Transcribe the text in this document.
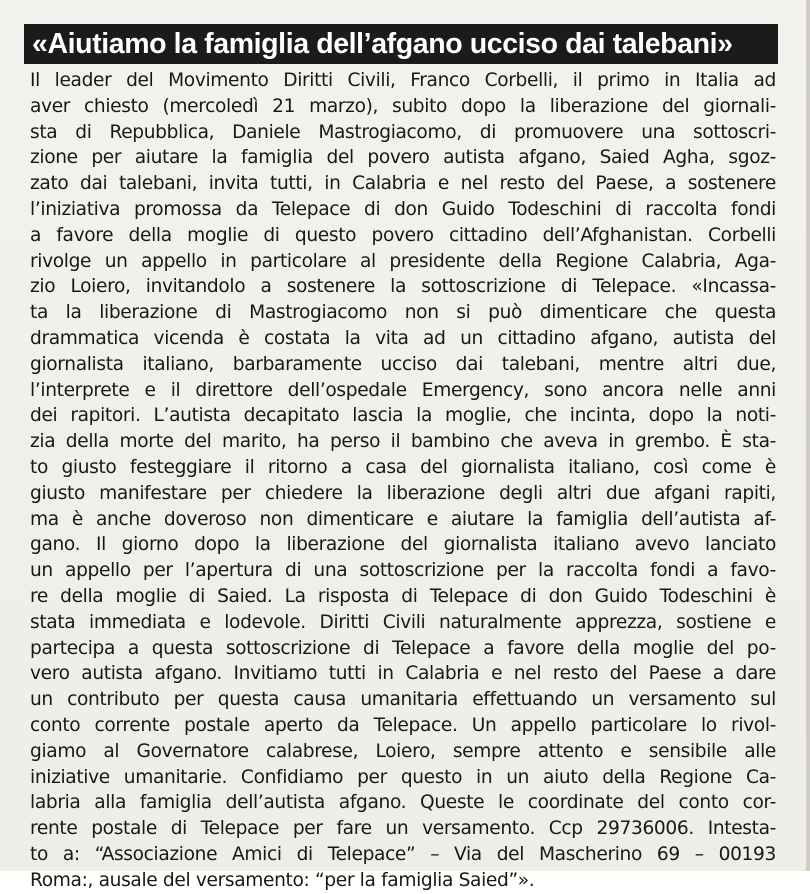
«Aiutiamo la famiglia dell’afgano ucciso dai talebani»
Il leader del Movimento Diritti Civili, Franco Corbelli, il primo in Italia ad
aver chiesto (mercoledì 21 marzo), subito dopo la liberazione del giornali-
sta di Repubblica, Daniele Mastrogiacomo, di promuovere una sottoscri-
zione per aiutare la famiglia del povero autista afgano, Saied Agha, sgoz-
zato dai talebani, invita tutti, in Calabria e nel resto del Paese, a sostenere
l’iniziativa promossa da Telepace di don Guido Todeschini di raccolta fondi
a favore della moglie di questo povero cittadino dell’Afghanistan. Corbelli
rivolge un appello in particolare al presidente della Regione Calabria, Aga-
zio Loiero, invitandolo a sostenere la sottoscrizione di Telepace. «Incassa-
ta la liberazione di Mastrogiacomo non si può dimenticare che questa
drammatica vicenda è costata la vita ad un cittadino afgano, autista del
giornalista italiano, barbaramente ucciso dai talebani, mentre altri due,
l’interprete e il direttore dell’ospedale Emergency, sono ancora nelle anni
dei rapitori. L’autista decapitato lascia la moglie, che incinta, dopo la noti-
zia della morte del marito, ha perso il bambino che aveva in grembo. È sta-
to giusto festeggiare il ritorno a casa del giornalista italiano, così come è
giusto manifestare per chiedere la liberazione degli altri due afgani rapiti,
ma è anche doveroso non dimenticare e aiutare la famiglia dell’autista af-
gano. Il giorno dopo la liberazione del giornalista italiano avevo lanciato
un appello per l’apertura di una sottoscrizione per la raccolta fondi a favo-
re della moglie di Saied. La risposta di Telepace di don Guido Todeschini è
stata immediata e lodevole. Diritti Civili naturalmente apprezza, sostiene e
partecipa a questa sottoscrizione di Telepace a favore della moglie del po-
vero autista afgano. Invitiamo tutti in Calabria e nel resto del Paese a dare
un contributo per questa causa umanitaria effettuando un versamento sul
conto corrente postale aperto da Telepace. Un appello particolare lo rivol-
giamo al Governatore calabrese, Loiero, sempre attento e sensibile alle
iniziative umanitarie. Confidiamo per questo in un aiuto della Regione Ca-
labria alla famiglia dell’autista afgano. Queste le coordinate del conto cor-
rente postale di Telepace per fare un versamento. Ccp 29736006. Intesta-
to a: “Associazione Amici di Telepace” – Via del Mascherino 69 – 00193
Roma:, ausale del versamento: “per la famiglia Saied”».
